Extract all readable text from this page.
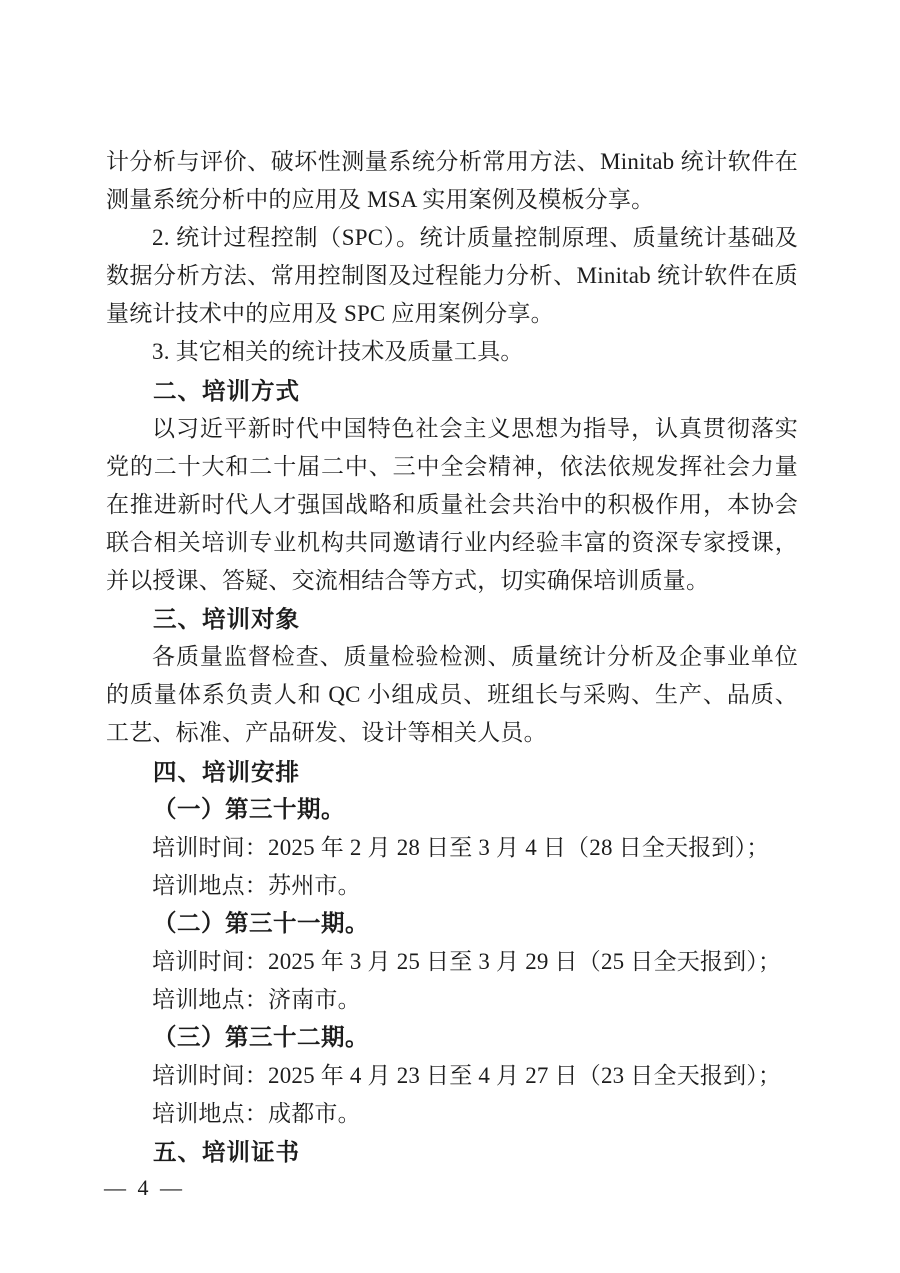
计分析与评价、破坏性测量系统分析常用方法、Minitab 统计软件在测量系统分析中的应用及 MSA 实用案例及模板分享。

2. 统计过程控制（SPC）。统计质量控制原理、质量统计基础及数据分析方法、常用控制图及过程能力分析、Minitab 统计软件在质量统计技术中的应用及 SPC 应用案例分享。

3. 其它相关的统计技术及质量工具。

二、培训方式

以习近平新时代中国特色社会主义思想为指导，认真贯彻落实党的二十大和二十届二中、三中全会精神，依法依规发挥社会力量在推进新时代人才强国战略和质量社会共治中的积极作用，本协会联合相关培训专业机构共同邀请行业内经验丰富的资深专家授课，并以授课、答疑、交流相结合等方式，切实确保培训质量。

三、培训对象

各质量监督检查、质量检验检测、质量统计分析及企事业单位的质量体系负责人和 QC 小组成员、班组长与采购、生产、品质、工艺、标准、产品研发、设计等相关人员。

四、培训安排
（一）第三十期。

培训时间：2025 年 2 月 28 日至 3 月 4 日（28 日全天报到）；

培训地点：苏州市。

（二）第三十一期。

培训时间：2025 年 3 月 25 日至 3 月 29 日（25 日全天报到）；

培训地点：济南市。

（三）第三十二期。

培训时间：2025 年 4 月 23 日至 4 月 27 日（23 日全天报到）；

培训地点：成都市。

五、培训证书
— 4 —
